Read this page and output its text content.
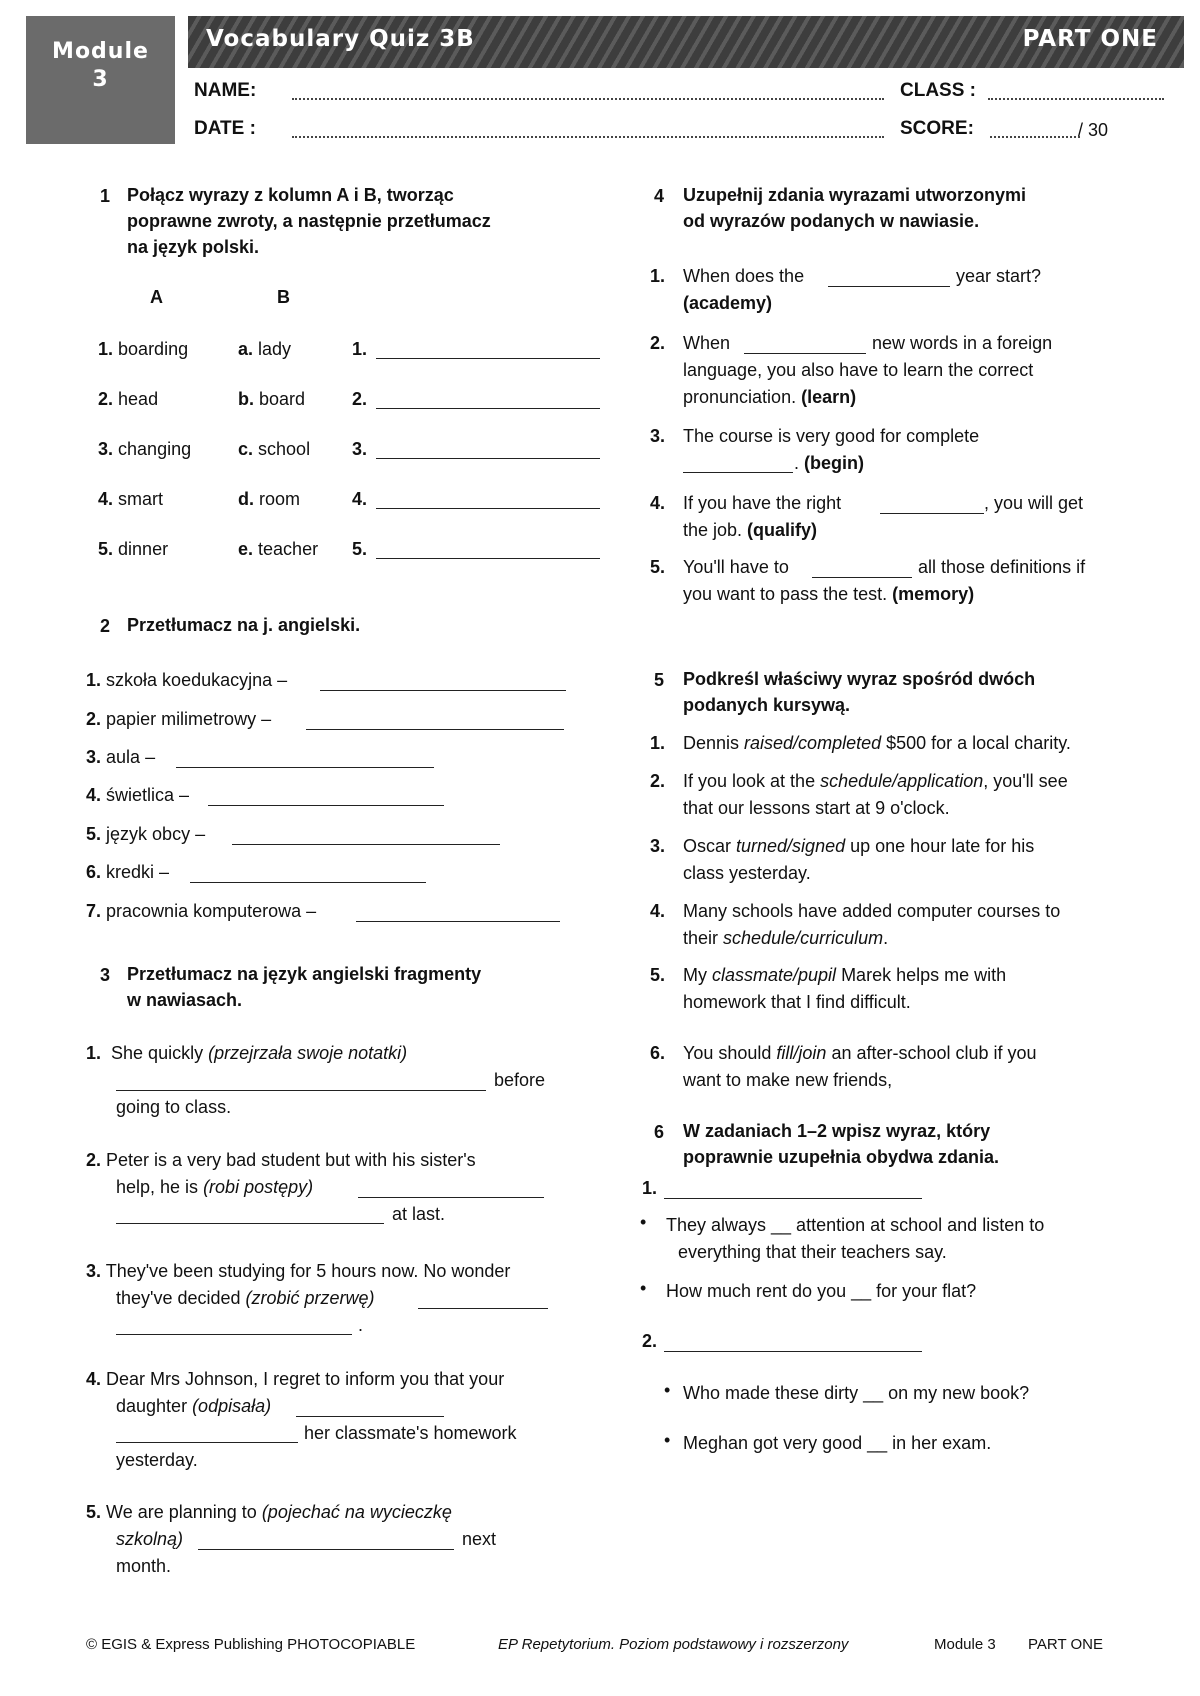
Module
3
Vocabulary Quiz 3B	PART ONE
NAME:	CLASS :
DATE :	SCORE:	/ 30
1 Połącz wyrazy z kolumn A i B, tworząc
poprawne zwroty, a następnie przetłumacz
na język polski.
A	B
1. boarding	a. lady	1.
2. head	b. board	2.
3. changing	c. school 3.
4. smart	d. room	4.
5. dinner	e. teacher 5.
2 Przetłumacz na j. angielski.
1. szkoła koedukacyjna –
2. papier milimetrowy –
3. aula –
4. świetlica –
5. język obcy –
6. kredki –
7. pracownia komputerowa –
3 Przetłumacz na język angielski fragmenty
w nawiasach.
1. She quickly (przejrzała swoje notatki)
before
going to class.
2. Peter is a very bad student but with his sister's
help, he is (robi postępy)
at last.
3. They've been studying for 5 hours now. No wonder
they've decided (zrobić przerwę)
.
4. Dear Mrs Johnson, I regret to inform you that your
daughter (odpisała)
her classmate's homework
yesterday.
5. We are planning to (pojechać na wycieczkę
szkolną)	next
month.
4 Uzupełnij zdania wyrazami utworzonymi
od wyrazów podanych w nawiasie.
1. When does the	year start?
(academy)
2. When	new words in a foreign
language, you also have to learn the correct
pronunciation. (learn)
3. The course is very good for complete
. (begin)
4. If you have the right	, you will get
the job. (qualify)
5. You'll have to	all those definitions if
you want to pass the test. (memory)
5 Podkreśl właściwy wyraz spośród dwóch
podanych kursywą.
1. Dennis raised/completed $500 for a local charity.
2. If you look at the schedule/application, you'll see
that our lessons start at 9 o'clock.
3. Oscar turned/signed up one hour late for his
class yesterday.
4. Many schools have added computer courses to
their schedule/curriculum.
5. My classmate/pupil Marek helps me with
homework that I find difficult.
6. You should fill/join an after-school club if you
want to make new friends,
6 W zadaniach 1–2 wpisz wyraz, który
poprawnie uzupełnia obydwa zdania.
1.
• They always __ attention at school and listen to
everything that their teachers say.
• How much rent do you __ for your flat?
2.
• Who made these dirty __ on my new book?
• Meghan got very good __ in her exam.
© EGIS & Express Publishing PHOTOCOPIABLE	EP Repetytorium. Poziom podstawowy i rozszerzony	Module 3 PART ONE
